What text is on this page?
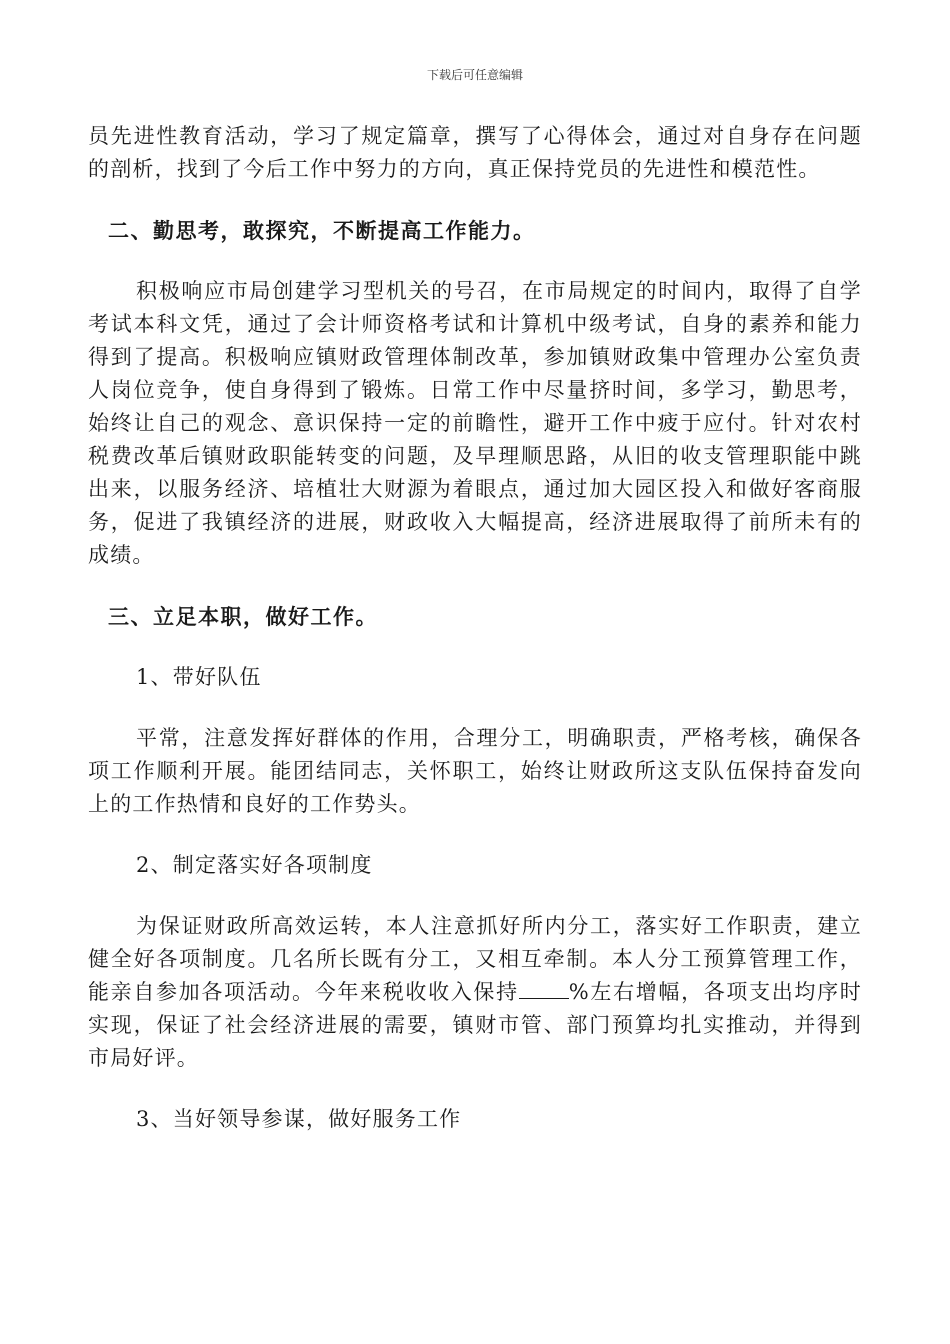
下载后可任意编辑

员先进性教育活动，学习了规定篇章，撰写了心得体会，通过对自身存在问题的剖析，找到了今后工作中努力的方向，真正保持党员的先进性和模范性。

二、勤思考，敢探究，不断提高工作能力。

积极响应市局创建学习型机关的号召，在市局规定的时间内，取得了自学考试本科文凭，通过了会计师资格考试和计算机中级考试，自身的素养和能力得到了提高。积极响应镇财政管理体制改革，参加镇财政集中管理办公室负责人岗位竞争，使自身得到了锻炼。日常工作中尽量挤时间，多学习，勤思考，始终让自己的观念、意识保持一定的前瞻性，避开工作中疲于应付。针对农村税费改革后镇财政职能转变的问题，及早理顺思路，从旧的收支管理职能中跳出来，以服务经济、培植壮大财源为着眼点，通过加大园区投入和做好客商服务，促进了我镇经济的进展，财政收入大幅提高，经济进展取得了前所未有的成绩。

三、立足本职，做好工作。

1、带好队伍

平常，注意发挥好群体的作用，合理分工，明确职责，严格考核，确保各项工作顺利开展。能团结同志，关怀职工，始终让财政所这支队伍保持奋发向上的工作热情和良好的工作势头。

2、制定落实好各项制度

为保证财政所高效运转，本人注意抓好所内分工，落实好工作职责，建立健全好各项制度。几名所长既有分工，又相互牵制。本人分工预算管理工作，能亲自参加各项活动。今年来税收收入保持 %左右增幅，各项支出均序时实现，保证了社会经济进展的需要，镇财市管、部门预算均扎实推动，并得到市局好评。

3、当好领导参谋，做好服务工作
